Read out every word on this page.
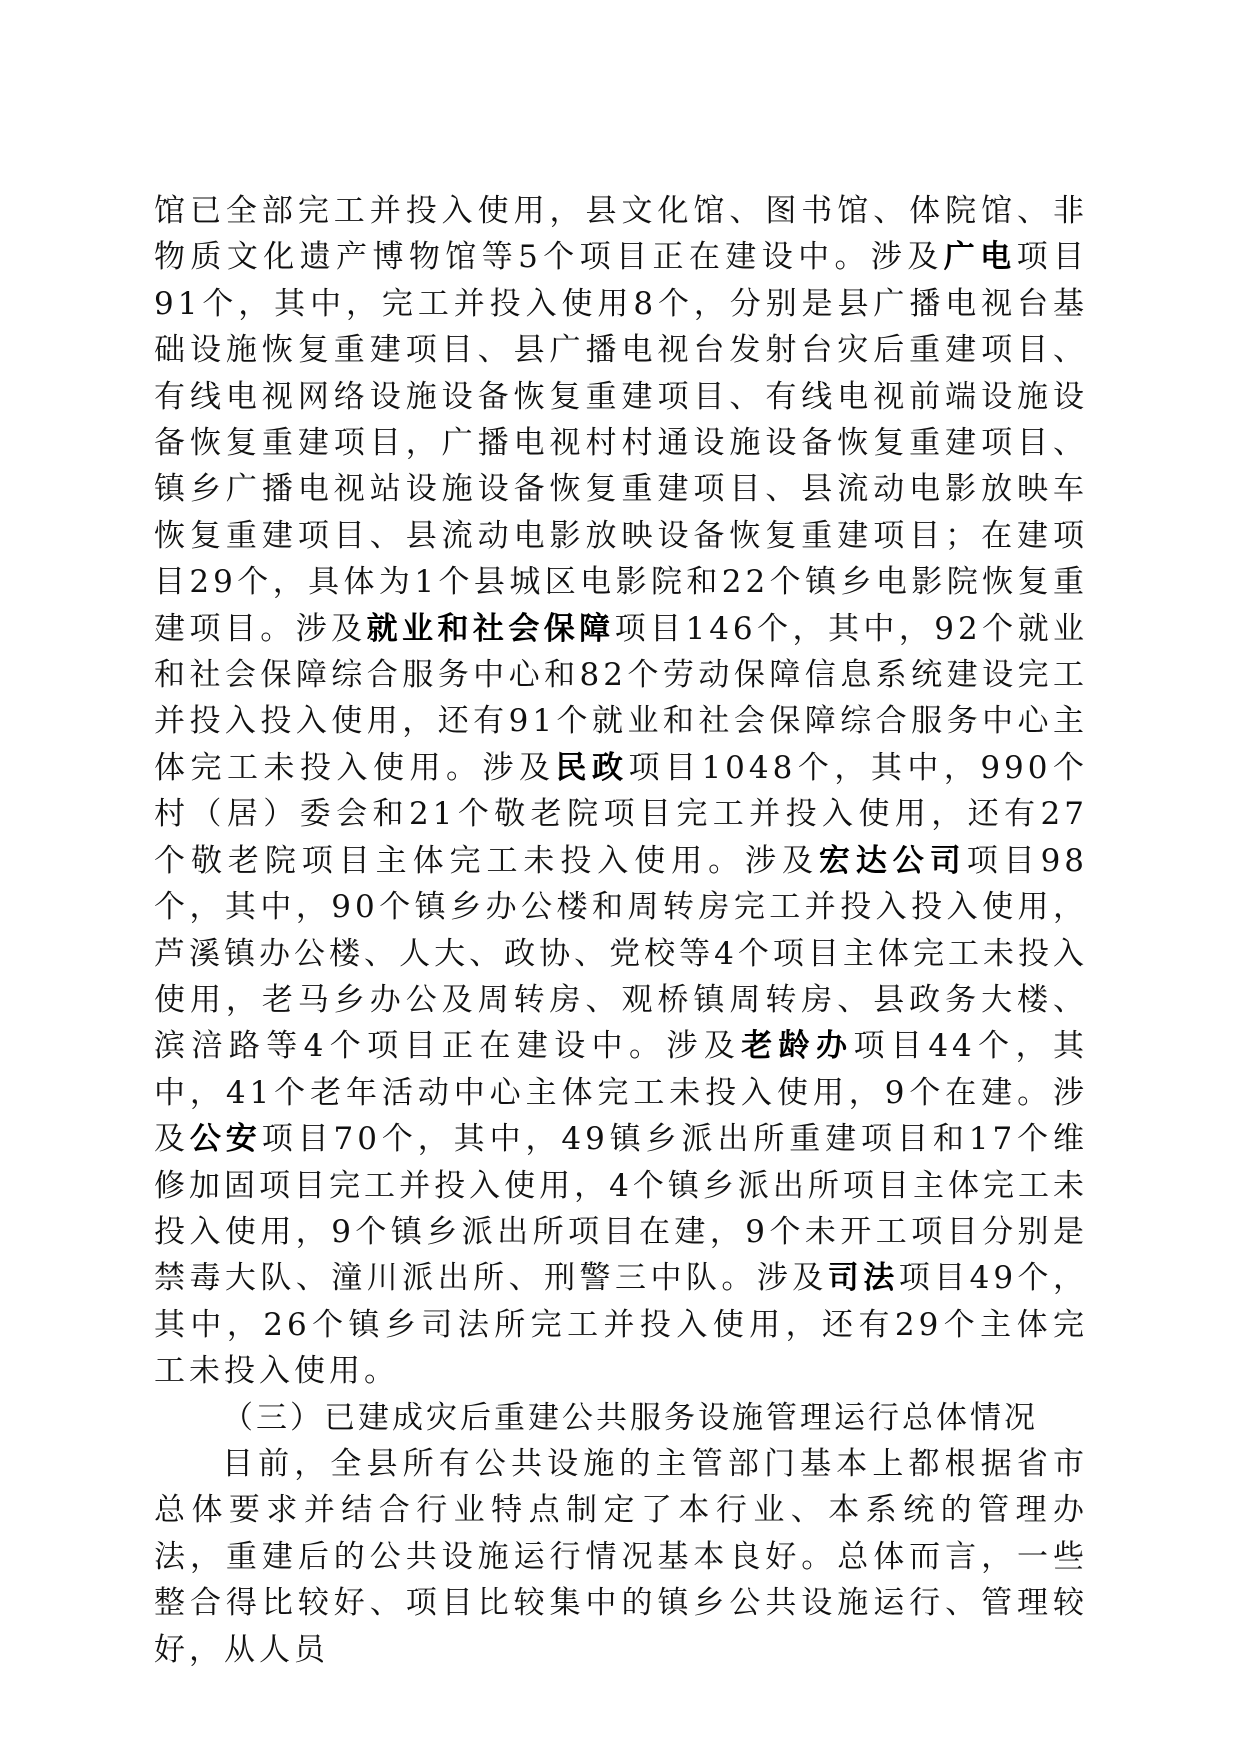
馆已全部完工并投入使用，县文化馆、图书馆、体院馆、非物质文化遗产博物馆等5个项目正在建设中。涉及广电项目91个，其中，完工并投入使用8个，分别是县广播电视台基础设施恢复重建项目、县广播电视台发射台灾后重建项目、有线电视网络设施设备恢复重建项目、有线电视前端设施设备恢复重建项目，广播电视村村通设施设备恢复重建项目、镇乡广播电视站设施设备恢复重建项目、县流动电影放映车恢复重建项目、县流动电影放映设备恢复重建项目；在建项目29个，具体为1个县城区电影院和22个镇乡电影院恢复重建项目。涉及就业和社会保障项目146个，其中，92个就业和社会保障综合服务中心和82个劳动保障信息系统建设完工并投入投入使用，还有91个就业和社会保障综合服务中心主体完工未投入使用。涉及民政项目1048个，其中，990个村（居）委会和21个敬老院项目完工并投入使用，还有27个敬老院项目主体完工未投入使用。涉及宏达公司项目98个，其中，90个镇乡办公楼和周转房完工并投入投入使用，芦溪镇办公楼、人大、政协、党校等4个项目主体完工未投入使用，老马乡办公及周转房、观桥镇周转房、县政务大楼、滨涪路等4个项目正在建设中。涉及老龄办项目44个，其中，41个老年活动中心主体完工未投入使用，9个在建。涉及公安项目70个，其中，49镇乡派出所重建项目和17个维修加固项目完工并投入使用，4个镇乡派出所项目主体完工未投入使用，9个镇乡派出所项目在建，9个未开工项目分别是禁毒大队、潼川派出所、刑警三中队。涉及司法项目49个，其中，26个镇乡司法所完工并投入使用，还有29个主体完工未投入使用。

（三）已建成灾后重建公共服务设施管理运行总体情况

目前，全县所有公共设施的主管部门基本上都根据省市总体要求并结合行业特点制定了本行业、本系统的管理办法，重建后的公共设施运行情况基本良好。总体而言，一些整合得比较好、项目比较集中的镇乡公共设施运行、管理较好，从人员
